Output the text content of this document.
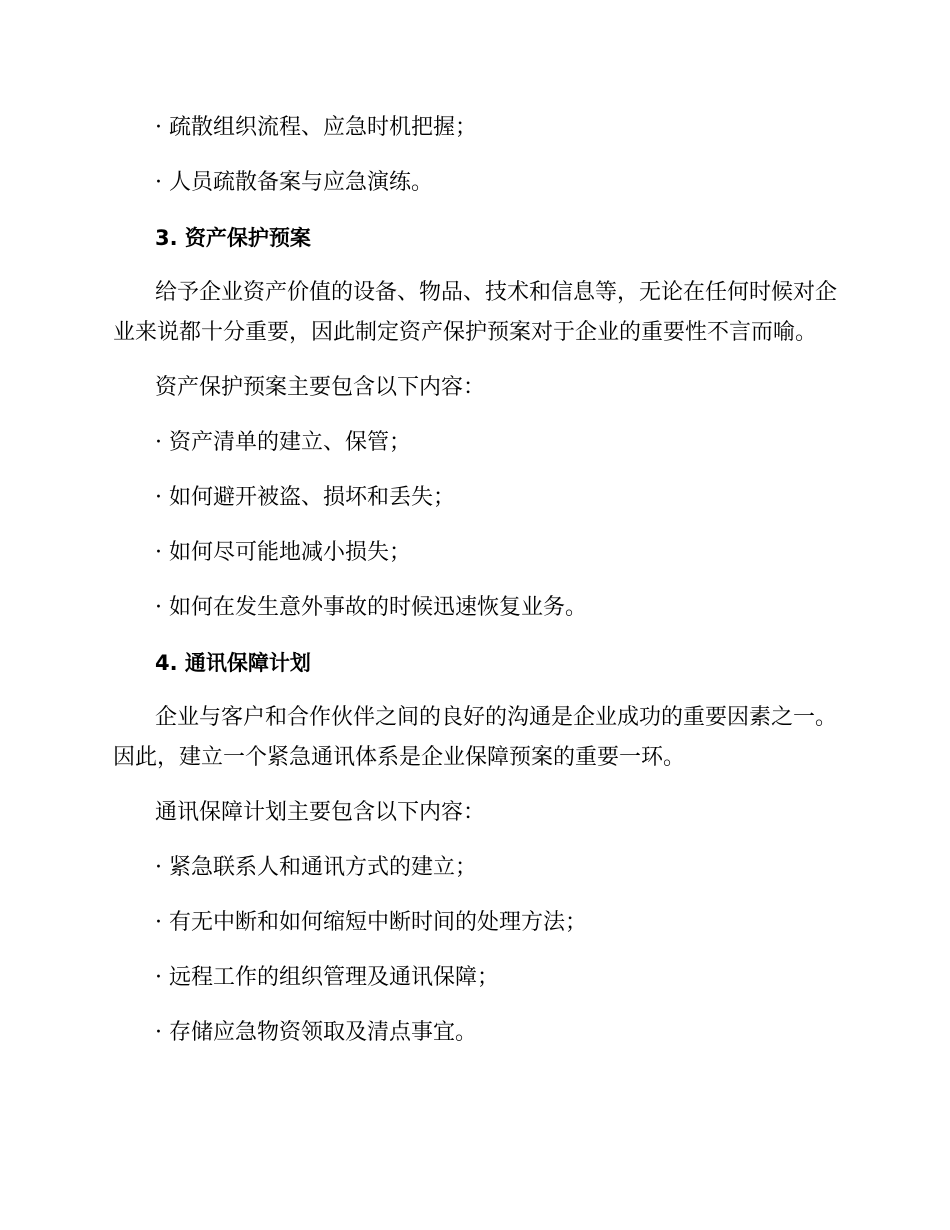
· 疏散组织流程、应急时机把握；

· 人员疏散备案与应急演练。

3. 资产保护预案

给予企业资产价值的设备、物品、技术和信息等，无论在任何时候对企

业来说都十分重要，因此制定资产保护预案对于企业的重要性不言而喻。

资产保护预案主要包含以下内容：

· 资产清单的建立、保管；

· 如何避开被盗、损坏和丢失；

· 如何尽可能地减小损失；

· 如何在发生意外事故的时候迅速恢复业务。

4. 通讯保障计划

企业与客户和合作伙伴之间的良好的沟通是企业成功的重要因素之一。

因此，建立一个紧急通讯体系是企业保障预案的重要一环。

通讯保障计划主要包含以下内容：

· 紧急联系人和通讯方式的建立；

· 有无中断和如何缩短中断时间的处理方法；

· 远程工作的组织管理及通讯保障；

· 存储应急物资领取及清点事宜。
